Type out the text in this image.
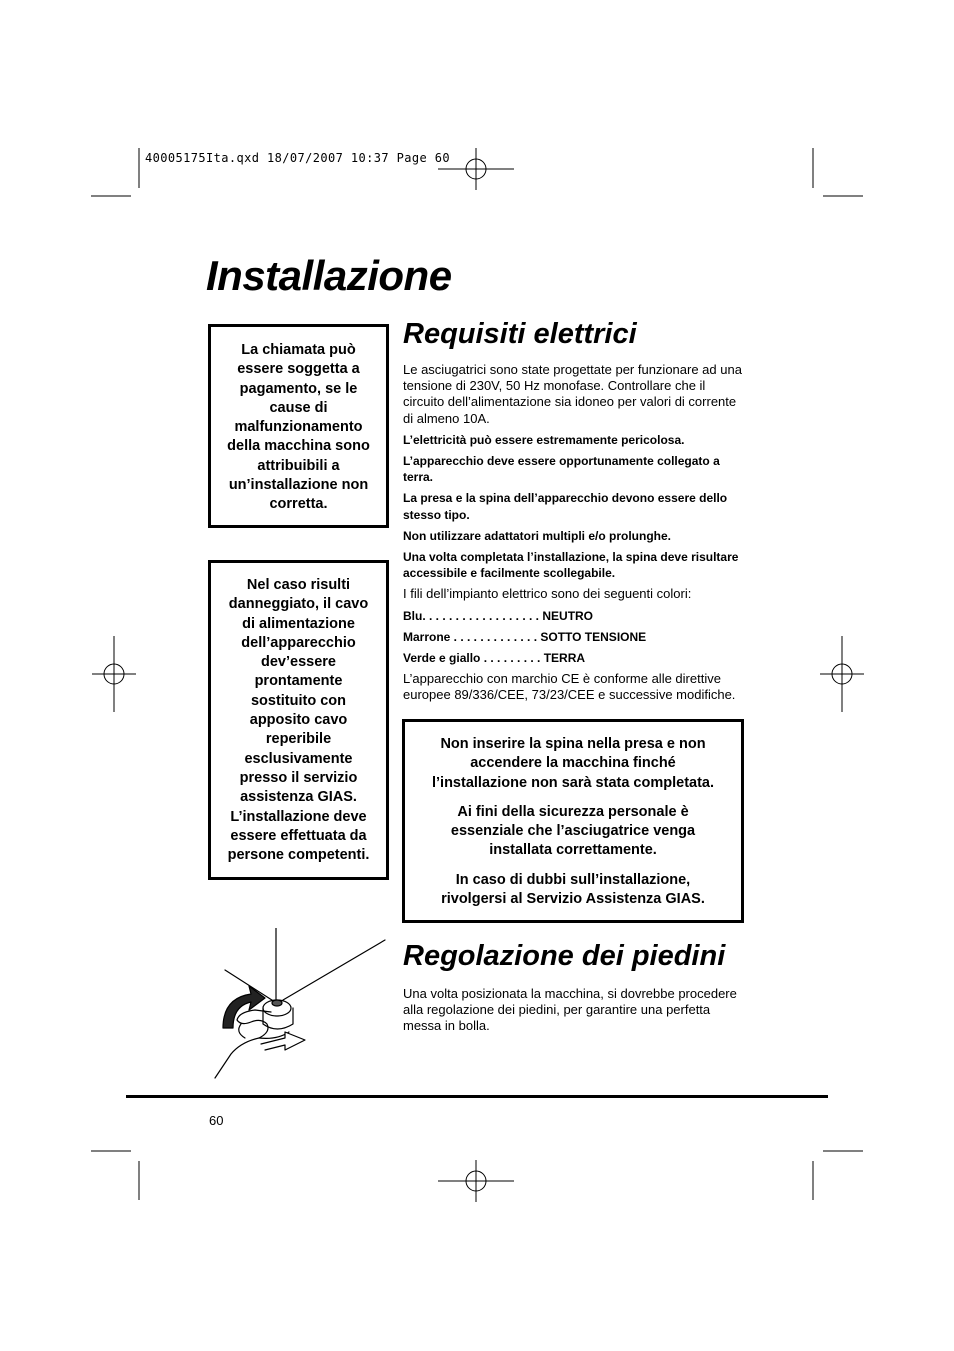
40005175Ita.qxd 18/07/2007 10:37 Page 60
Installazione
La chiamata può essere soggetta a pagamento, se le cause di malfunzionamento della macchina sono attribuibili a un’installazione non corretta.
Nel caso risulti danneggiato, il cavo di alimentazione dell’apparecchio dev’essere prontamente sostituito con apposito cavo reperibile esclusivamente presso il servizio assistenza GIAS. L’installazione deve essere effettuata da persone competenti.
Requisiti elettrici

Le asciugatrici sono state progettate per funzionare ad una tensione di 230V, 50 Hz monofase. Controllare che il circuito dell’alimentazione sia idoneo per valori di corrente di almeno 10A.

L’elettricità può essere estremamente pericolosa.

L’apparecchio deve essere opportunamente collegato a terra.

La presa e la spina dell’apparecchio devono essere dello stesso tipo.

Non utilizzare adattatori multipli e/o prolunghe.

Una volta completata l’installazione, la spina deve risultare accessibile e facilmente scollegabile.

I fili dell’impianto elettrico sono dei seguenti colori:

Blu. . . . . . . . . . . . . . . . . . NEUTRO

Marrone . . . . . . . . . . . . . SOTTO TENSIONE

Verde e giallo . . . . . . . . . TERRA

L’apparecchio con marchio CE è conforme alle direttive europee 89/336/CEE, 73/23/CEE e successive modifiche.

Non inserire la spina nella presa e non accendere la macchina finché l’installazione non sarà stata completata.

Ai fini della sicurezza personale è essenziale che l’asciugatrice venga installata correttamente.

In caso di dubbi sull’installazione, rivolgersi al Servizio Assistenza GIAS.

Regolazione dei piedini

Una volta posizionata la macchina, si dovrebbe procedere alla regolazione dei piedini, per garantire una perfetta messa in bolla.

60
